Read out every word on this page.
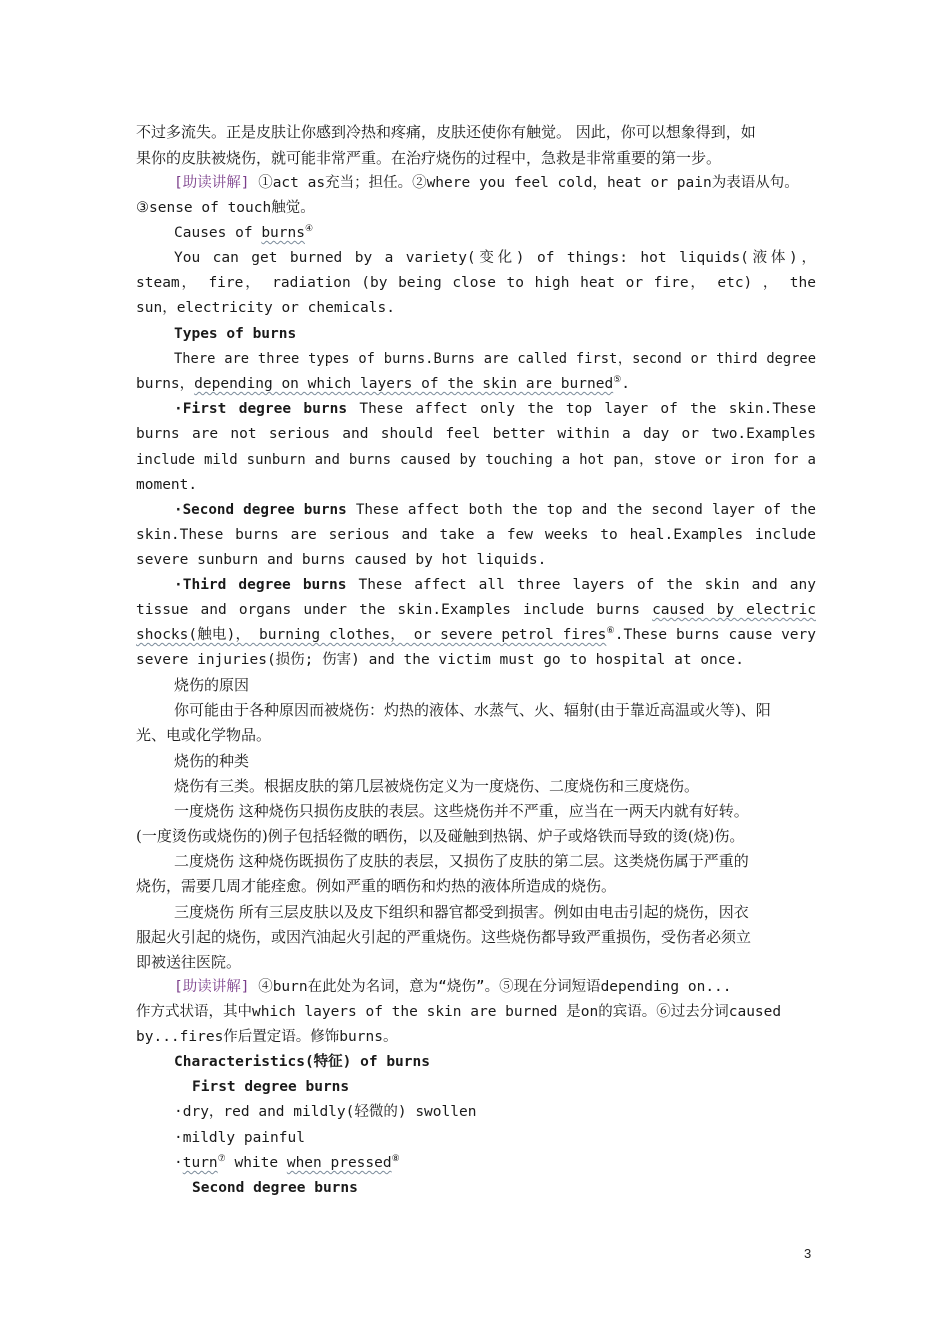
不过多流失。正是皮肤让你感到冷热和疼痛，皮肤还使你有触觉。 因此，你可以想象得到，如
果你的皮肤被烧伤，就可能非常严重。在治疗烧伤的过程中，急救是非常重要的第一步。
[助读讲解] ①act as充当；担任。②where you feel cold，heat or pain为表语从句。
③sense of touch触觉。
Causes of burns④
You can get burned by a variety(变化) of things: hot liquids(液体)，
steam， fire， radiation (by being close to high heat or fire， etc) ， the
sun，electricity or chemicals.
Types of burns
There are three types of burns.Burns are called first，second or third degree
burns，depending on which layers of the skin are burned⑤.
·First degree burns These affect only the top layer of the skin.These
burns are not serious and should feel better within a day or two.Examples
include mild sunburn and burns caused by touching a hot pan，stove or iron for a
moment.
·Second degree burns These affect both the top and the second layer of the
skin.These burns are serious and take a few weeks to heal.Examples include
severe sunburn and burns caused by hot liquids.
·Third degree burns These affect all three layers of the skin and any
tissue and organs under the skin.Examples include burns caused by electric
shocks(触电)， burning clothes， or severe petrol fires⑥.These burns cause very
severe injuries(损伤; 伤害) and the victim must go to hospital at once.
烧伤的原因
你可能由于各种原因而被烧伤：灼热的液体、水蒸气、火、辐射(由于靠近高温或火等)、阳
光、电或化学物品。
烧伤的种类
烧伤有三类。根据皮肤的第几层被烧伤定义为一度烧伤、二度烧伤和三度烧伤。
一度烧伤 这种烧伤只损伤皮肤的表层。这些烧伤并不严重，应当在一两天内就有好转。
(一度烫伤或烧伤的)例子包括轻微的晒伤，以及碰触到热锅、炉子或烙铁而导致的烫(烧)伤。
二度烧伤 这种烧伤既损伤了皮肤的表层，又损伤了皮肤的第二层。这类烧伤属于严重的
烧伤，需要几周才能痊愈。例如严重的晒伤和灼热的液体所造成的烧伤。
三度烧伤 所有三层皮肤以及皮下组织和器官都受到损害。例如由电击引起的烧伤，因衣
服起火引起的烧伤，或因汽油起火引起的严重烧伤。这些烧伤都导致严重损伤，受伤者必须立
即被送往医院。
[助读讲解] ④burn在此处为名词，意为“烧伤”。⑤现在分词短语depending on...
作方式状语，其中which layers of the skin are burned 是on的宾语。⑥过去分词caused
by...fires作后置定语。修饰burns。
Characteristics(特征) of burns
First degree burns
·dry，red and mildly(轻微的) swollen
·mildly painful
·turn⑦ white when pressed⑧
Second degree burns
3
